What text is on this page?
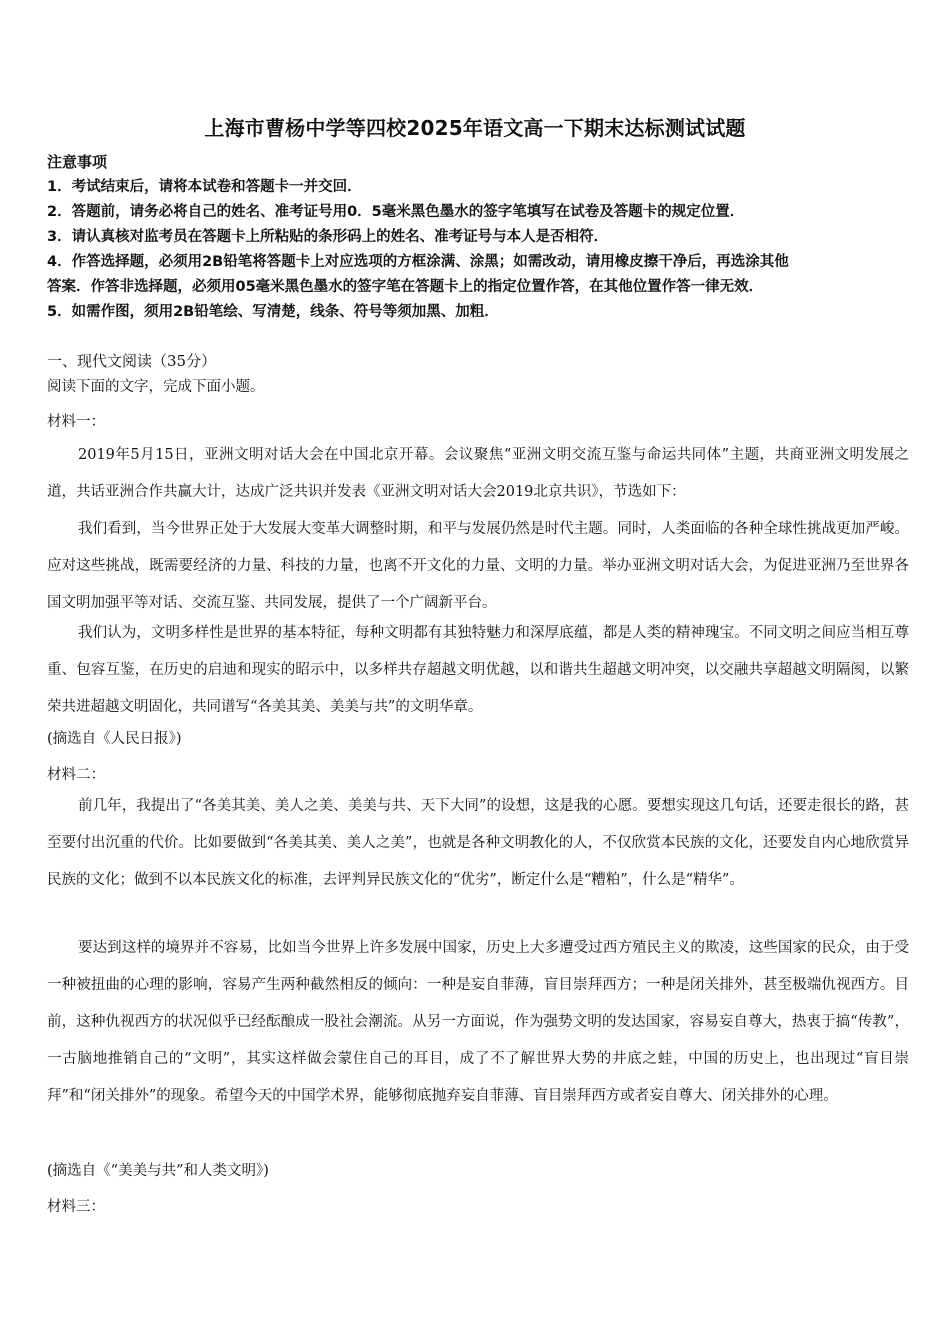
上海市曹杨中学等四校2025年语文高一下期末达标测试试题
注意事项
1．考试结束后，请将本试卷和答题卡一并交回．
2．答题前，请务必将自己的姓名、准考证号用0．5毫米黑色墨水的签字笔填写在试卷及答题卡的规定位置．
3．请认真核对监考员在答题卡上所粘贴的条形码上的姓名、准考证号与本人是否相符．
4．作答选择题，必须用2B铅笔将答题卡上对应选项的方框涂满、涂黑；如需改动，请用橡皮擦干净后，再选涂其他
答案．作答非选择题，必须用05毫米黑色墨水的签字笔在答题卡上的指定位置作答，在其他位置作答一律无效．
5．如需作图，须用2B铅笔绘、写清楚，线条、符号等须加黑、加粗．
一、现代文阅读（35分）
阅读下面的文字，完成下面小题。
材料一：
2019年5月15日，亚洲文明对话大会在中国北京开幕。会议聚焦“亚洲文明交流互鉴与命运共同体”主题，共商亚洲文明发展之道，共话亚洲合作共赢大计，达成广泛共识并发表《亚洲文明对话大会2019北京共识》，节选如下：
我们看到，当今世界正处于大发展大变革大调整时期，和平与发展仍然是时代主题。同时，人类面临的各种全球性挑战更加严峻。应对这些挑战，既需要经济的力量、科技的力量，也离不开文化的力量、文明的力量。举办亚洲文明对话大会，为促进亚洲乃至世界各国文明加强平等对话、交流互鉴、共同发展，提供了一个广阔新平台。
我们认为，文明多样性是世界的基本特征，每种文明都有其独特魅力和深厚底蕴，都是人类的精神瑰宝。不同文明之间应当相互尊重、包容互鉴，在历史的启迪和现实的昭示中，以多样共存超越文明优越，以和谐共生超越文明冲突，以交融共享超越文明隔阂，以繁荣共进超越文明固化，共同谱写“各美其美、美美与共”的文明华章。
(摘选自《人民日报》)
材料二：
前几年，我提出了“各美其美、美人之美、美美与共、天下大同”的设想，这是我的心愿。要想实现这几句话，还要走很长的路，甚至要付出沉重的代价。比如要做到“各美其美、美人之美”，也就是各种文明教化的人，不仅欣赏本民族的文化，还要发自内心地欣赏异民族的文化；做到不以本民族文化的标准，去评判异民族文化的“优劣”，断定什么是“糟粕”，什么是“精华”。
要达到这样的境界并不容易，比如当今世界上许多发展中国家，历史上大多遭受过西方殖民主义的欺凌，这些国家的民众，由于受一种被扭曲的心理的影响，容易产生两种截然相反的倾向：一种是妄自菲薄，盲目崇拜西方；一种是闭关排外，甚至极端仇视西方。目前，这种仇视西方的状况似乎已经酝酿成一股社会潮流。从另一方面说，作为强势文明的发达国家，容易妄自尊大，热衷于搞“传教”，一古脑地推销自己的“文明”，其实这样做会蒙住自己的耳目，成了不了解世界大势的井底之蛙，中国的历史上，也出现过“盲目崇拜”和“闭关排外”的现象。希望今天的中国学术界，能够彻底抛弃妄自菲薄、盲目崇拜西方或者妄自尊大、闭关排外的心理。
(摘选自《“美美与共”和人类文明》)
材料三：
